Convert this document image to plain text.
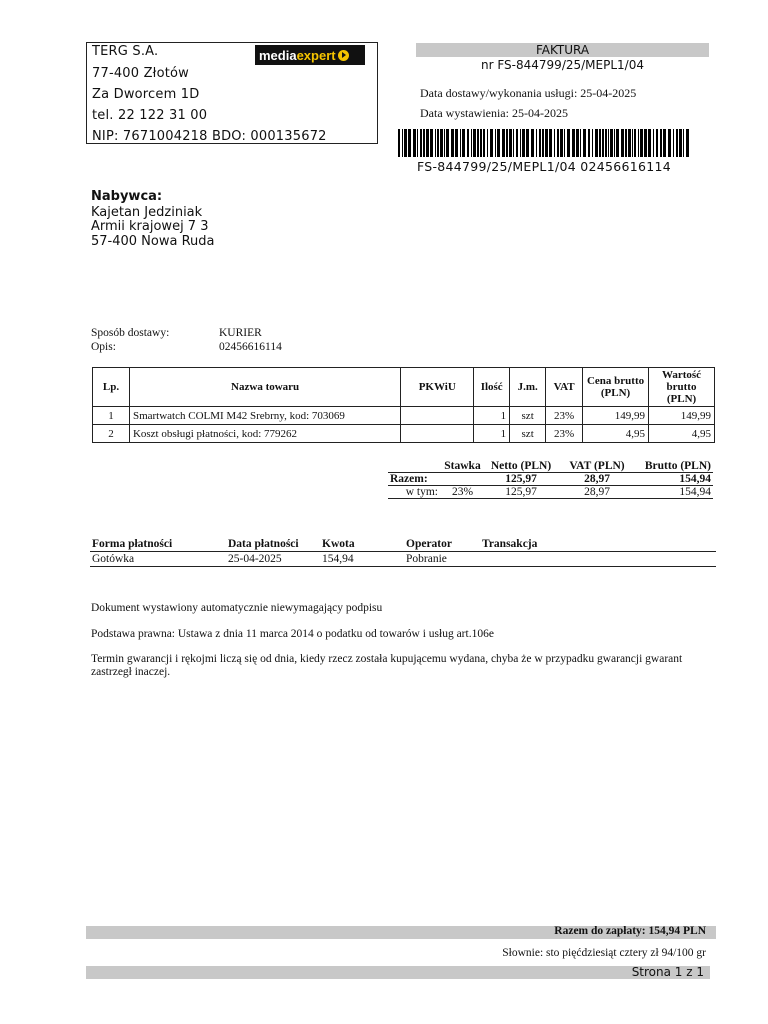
TERG S.A.
77-400 Złotów
Za Dworcem 1D
tel. 22 122 31 00
NIP: 7671004218 BDO: 000135672
media expert	FAKTURA
nr FS-844799/25/MEPL1/04
Data dostawy/wykonania usługi: 25-04-2025
Data wystawienia: 25-04-2025
FS-844799/25/MEPL1/04 02456616114
Nabywca:
Kajetan Jedziniak
Armii krajowej 7 3
57-400 Nowa Ruda
Sposób dostawy:	KURIER
Opis:	02456616114
Lp.	Nazwa towaru	PKWiU	Ilość	J.m.	VAT	Cena brutto (PLN)	Wartość brutto (PLN)
1	Smartwatch COLMI M42 Srebrny, kod: 703069		1	szt	23%	149,99	149,99
2	Koszt obsługi płatności, kod: 779262		1	szt	23%	4,95	4,95
	Stawka	Netto (PLN)	VAT (PLN)	Brutto (PLN)
Razem:		125,97	28,97	154,94
w tym:	23%	125,97	28,97	154,94
Forma płatności	Data płatności	Kwota	Operator	Transakcja
Gotówka	25-04-2025	154,94	Pobranie	
Dokument wystawiony automatycznie niewymagający podpisu
Podstawa prawna: Ustawa z dnia 11 marca 2014 o podatku od towarów i usług art.106e
Termin gwarancji i rękojmi liczą się od dnia, kiedy rzecz została kupującemu wydana, chyba że w przypadku gwarancji gwarant zastrzegł inaczej.
Razem do zapłaty: 154,94 PLN
Słownie: sto pięćdziesiąt cztery zł 94/100 gr
Strona 1 z 1
